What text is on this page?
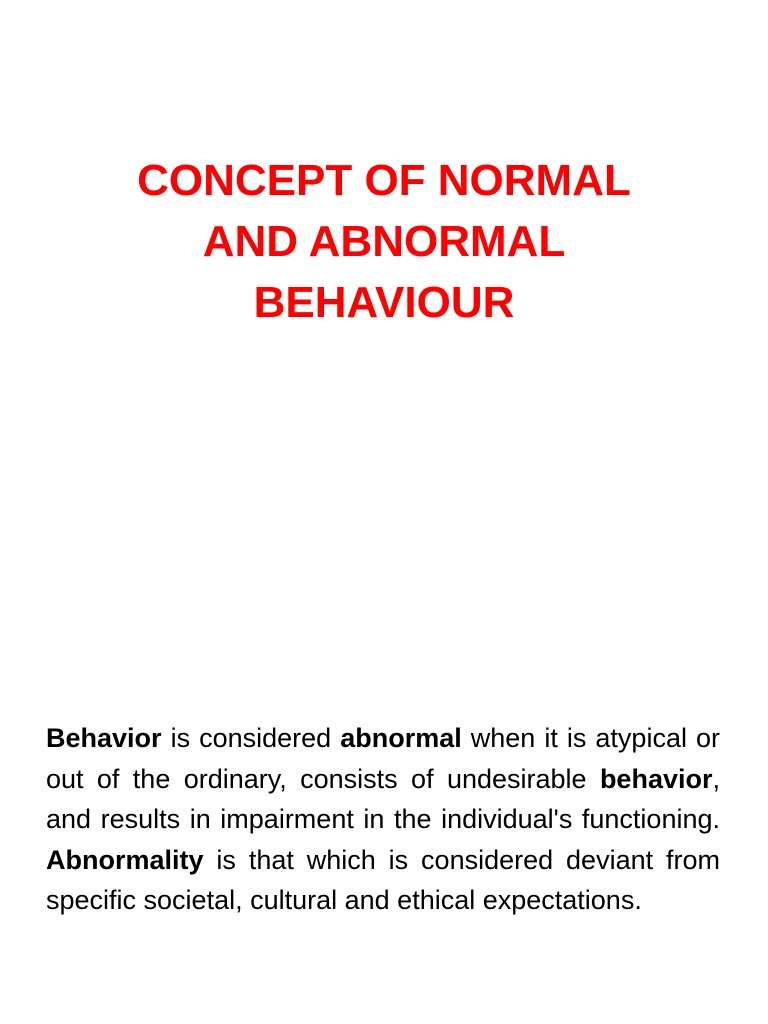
CONCEPT OF NORMAL
AND ABNORMAL
BEHAVIOUR

Behavior is considered abnormal when it is atypical or out of the ordinary, consists of undesirable behavior, and results in impairment in the individual's functioning. Abnormality is that which is considered deviant from specific societal, cultural and ethical expectations.
